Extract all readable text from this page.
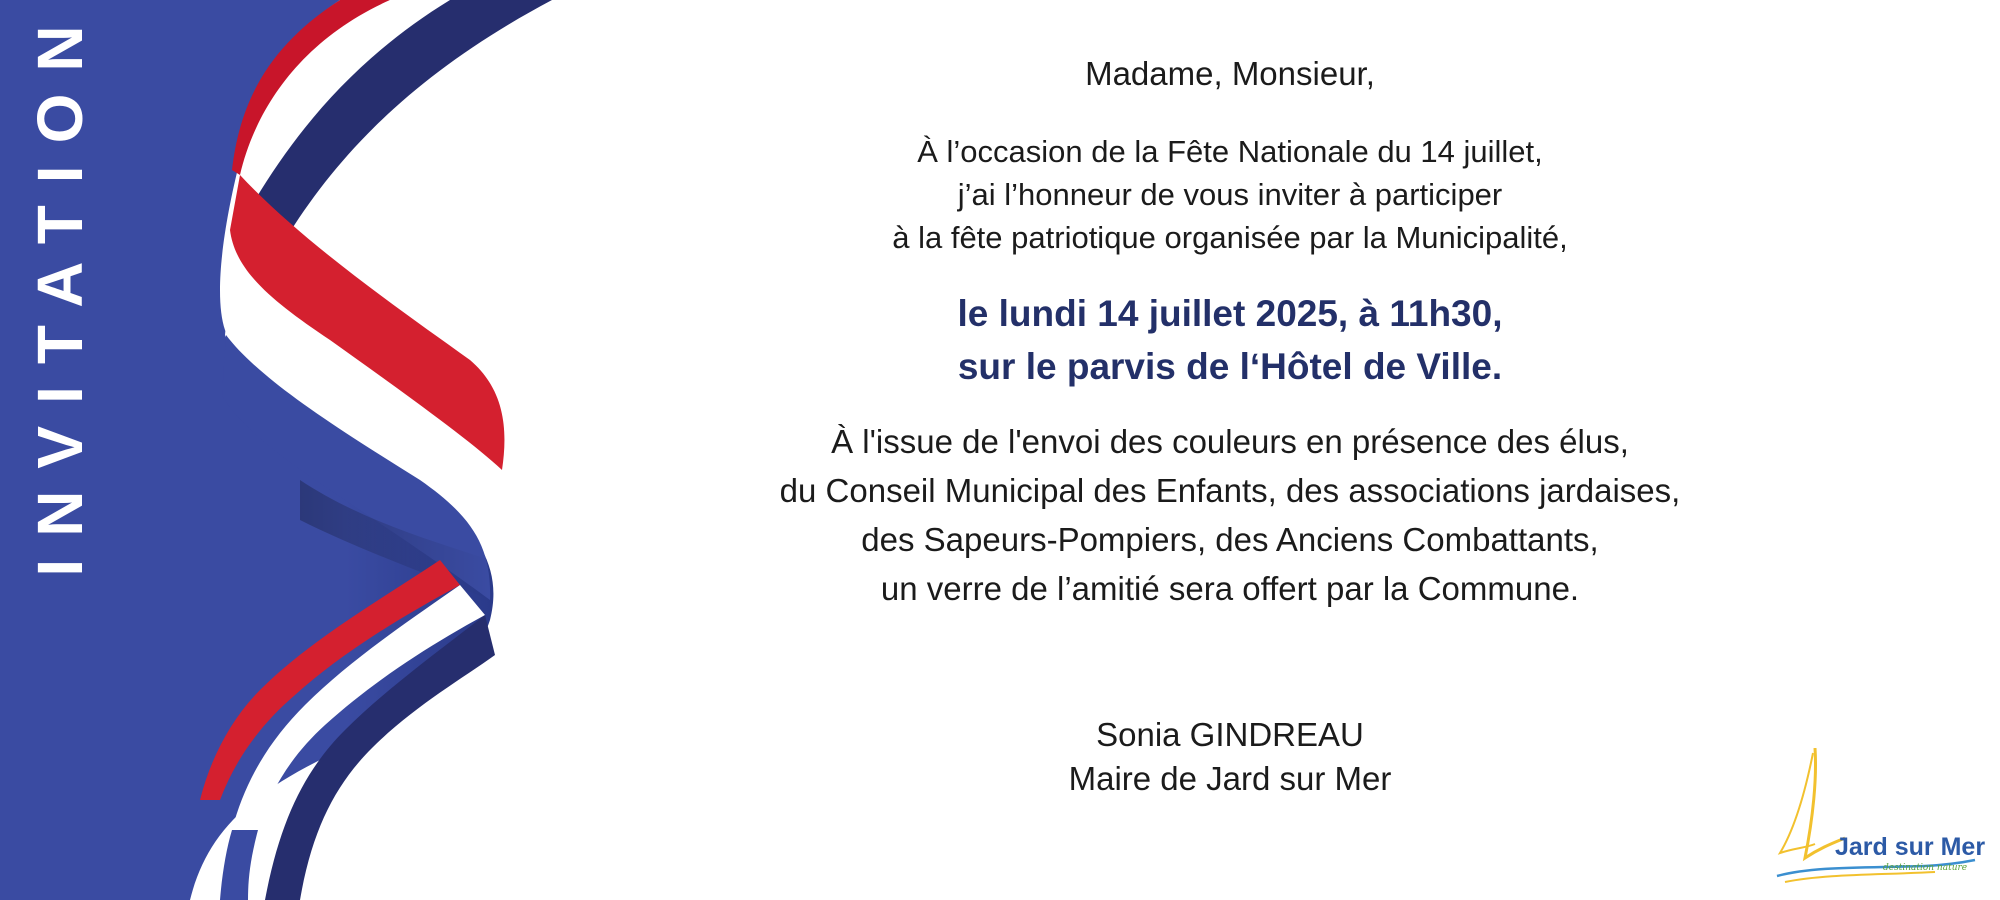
INVITATION	Madame, Monsieur,
À l’occasion de la Fête Nationale du 14 juillet,
j’ai l’honneur de vous inviter à participer
à la fête patriotique organisée par la Municipalité,
le lundi 14 juillet 2025, à 11h30,
sur le parvis de l‘Hôtel de Ville.
À l'issue de l'envoi des couleurs en présence des élus,
du Conseil Municipal des Enfants, des associations jardaises,
des Sapeurs-Pompiers, des Anciens Combattants,
un verre de l’amitié sera offert par la Commune.
Sonia GINDREAU
Maire de Jard sur Mer
Jard sur Mer
destination nature
